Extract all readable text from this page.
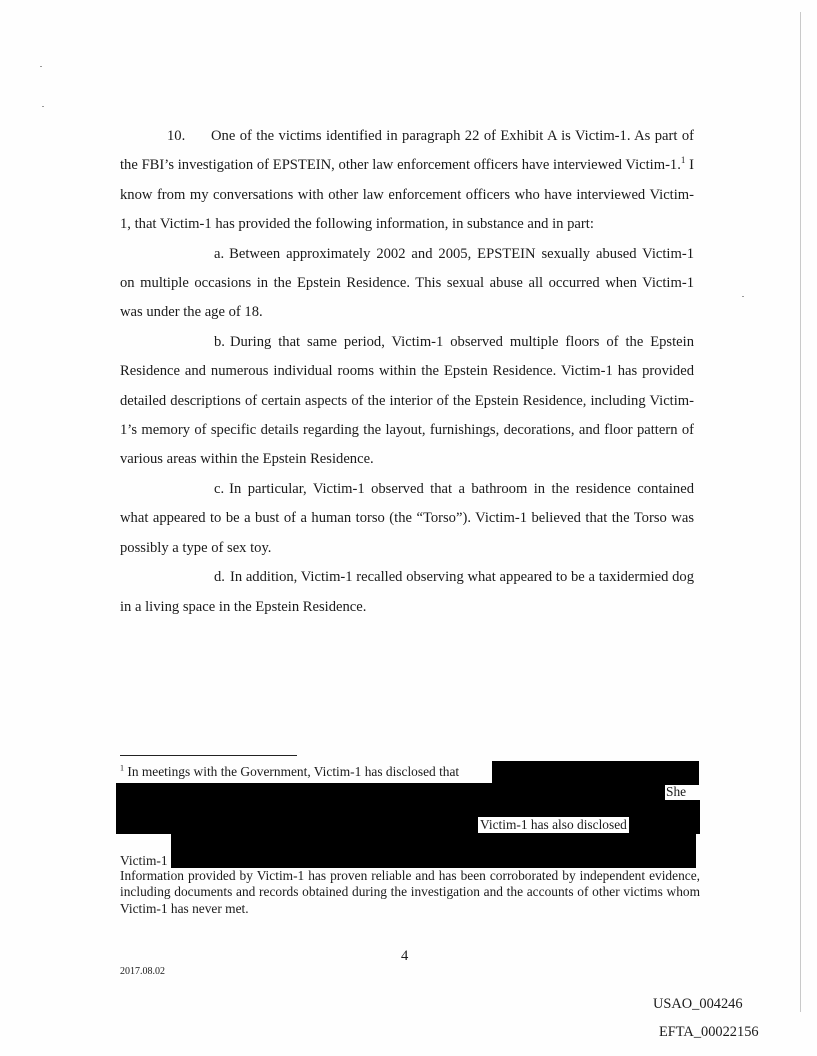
10. One of the victims identified in paragraph 22 of Exhibit A is Victim-1. As part of the FBI’s investigation of EPSTEIN, other law enforcement officers have interviewed Victim-1.$^1$ I know from my conversations with other law enforcement officers who have interviewed Victim-1, that Victim-1 has provided the following information, in substance and in part:

a. Between approximately 2002 and 2005, EPSTEIN sexually abused Victim-1 on multiple occasions in the Epstein Residence. This sexual abuse all occurred when Victim-1 was under the age of 18.

b. During that same period, Victim-1 observed multiple floors of the Epstein Residence and numerous individual rooms within the Epstein Residence. Victim-1 has provided detailed descriptions of certain aspects of the interior of the Epstein Residence, including Victim-1’s memory of specific details regarding the layout, furnishings, decorations, and floor pattern of various areas within the Epstein Residence.

c. In particular, Victim-1 observed that a bathroom in the residence contained what appeared to be a bust of a human torso (the “Torso”). Victim-1 believed that the Torso was possibly a type of sex toy.

d. In addition, Victim-1 recalled observing what appeared to be a taxidermied dog in a living space in the Epstein Residence.

$^1$ In meetings with the Government, Victim-1 has disclosed that
She
Victim-1 has also disclosed
Victim-1
Information provided by Victim-1 has proven reliable and has been corroborated by independent evidence, including documents and records obtained during the investigation and the accounts of other victims whom Victim-1 has never met.
4
2017.08.02
USAO_004246
EFTA_00022156
